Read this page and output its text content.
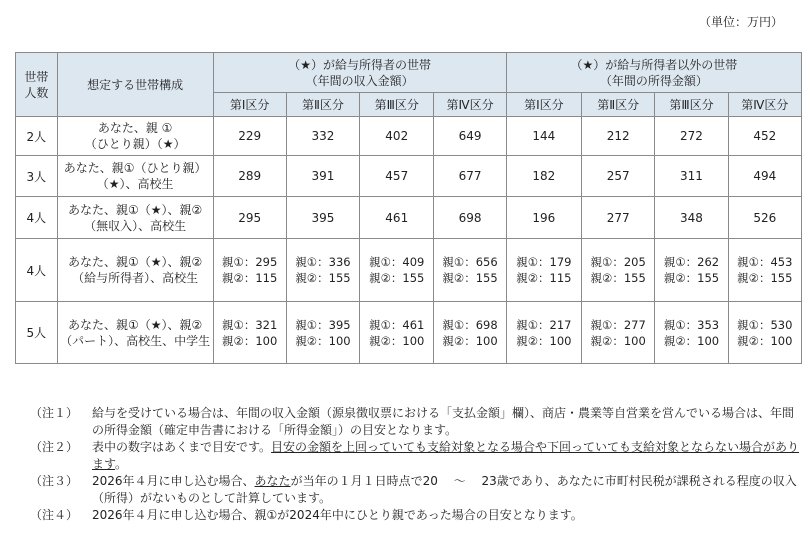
（単位：万円）
世帯
人数	想定する世帯構成	（★）が給与所得者の世帯
（年間の収入金額）				（★）が給与所得者以外の世帯
（年間の所得金額）			
		第Ⅰ区分	第Ⅱ区分	第Ⅲ区分	第Ⅳ区分	第Ⅰ区分	第Ⅱ区分	第Ⅲ区分	第Ⅳ区分
2人	あなた、親 ①
（ひとり親）（★）	229	332	402	649	144	212	272	452
3人	あなた、親①（ひとり親）（★）、高校生	289	391	457	677	182	257	311	494
4人	あなた、親①（★）、親②（無収入）、高校生	295	395	461	698	196	277	348	526
4人	あなた、親①（★）、親②（給与所得者）、高校生	親①：295
親②：115	親①：336
親②：155	親①：409
親②：155	親①：656
親②：155	親①：179
親②：115	親①：205
親②：155	親①：262
親②：155	親①：453
親②：155
5人	あなた、親①（★）、親②（パート）、高校生、中学生	親①：321
親②：100	親①：395
親②：100	親①：461
親②：100	親①：698
親②：100	親①：217
親②：100	親①：277
親②：100	親①：353
親②：100	親①：530
親②：100
（注１）	給与を受けている場合は、年間の収入金額（源泉徴収票における「支払金額」欄）、商店・農業等自営業を営んでいる場合は、年間の所得金額（確定申告書における「所得金額」）の目安となります。
（注２）	表中の数字はあくまで目安です。目安の金額を上回っていても支給対象となる場合や下回っていても支給対象とならない場合があります。
（注３）	2026年４月に申し込む場合、あなたが当年の１月１日時点で20　 ～　 23歳であり、あなたに市町村民税が課税される程度の収入（所得）がないものとして計算しています。
（注４）	2026年４月に申し込む場合、親①が2024年中にひとり親であった場合の目安となります。
